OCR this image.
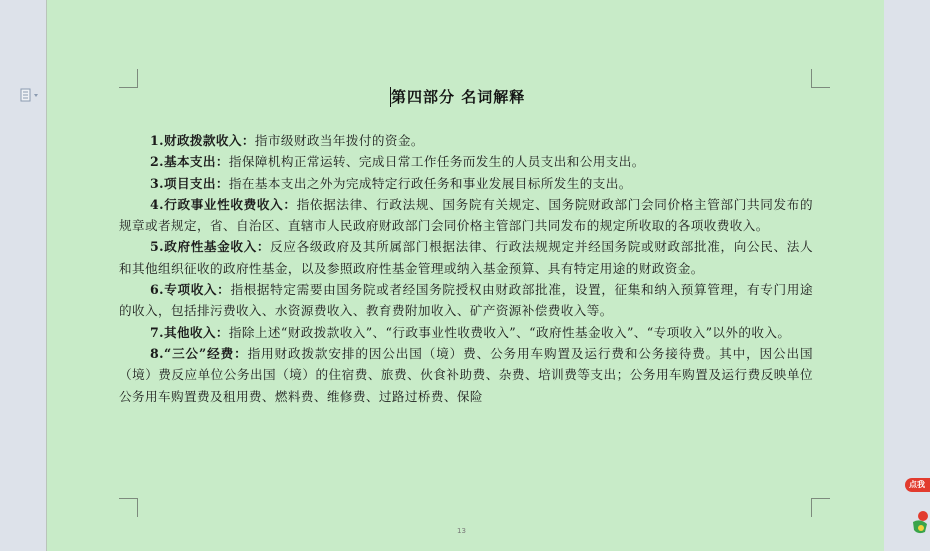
第四部分 名词解释

1.财政拨款收入：指市级财政当年拨付的资金。

2.基本支出：指保障机构正常运转、完成日常工作任务而发生的人员支出和公用支出。

3.项目支出：指在基本支出之外为完成特定行政任务和事业发展目标所发生的支出。

4.行政事业性收费收入：指依据法律、行政法规、国务院有关规定、国务院财政部门会同价格主管部门共同发布的规章或者规定，省、自治区、直辖市人民政府财政部门会同价格主管部门共同发布的规定所收取的各项收费收入。

5.政府性基金收入：反应各级政府及其所属部门根据法律、行政法规规定并经国务院或财政部批准，向公民、法人和其他组织征收的政府性基金，以及参照政府性基金管理或纳入基金预算、具有特定用途的财政资金。

6.专项收入：指根据特定需要由国务院或者经国务院授权由财政部批准，设置，征集和纳入预算管理，有专门用途的收入，包括排污费收入、水资源费收入、教育费附加收入、矿产资源补偿费收入等。

7.其他收入：指除上述“财政拨款收入”、“行政事业性收费收入”、“政府性基金收入”、“专项收入”以外的收入。

8.“三公”经费：指用财政拨款安排的因公出国（境）费、公务用车购置及运行费和公务接待费。其中，因公出国（境）费反应单位公务出国（境）的住宿费、旅费、伙食补助费、杂费、培训费等支出；公务用车购置及运行费反映单位公务用车购置费及租用费、燃料费、维修费、过路过桥费、保险

13
点我
